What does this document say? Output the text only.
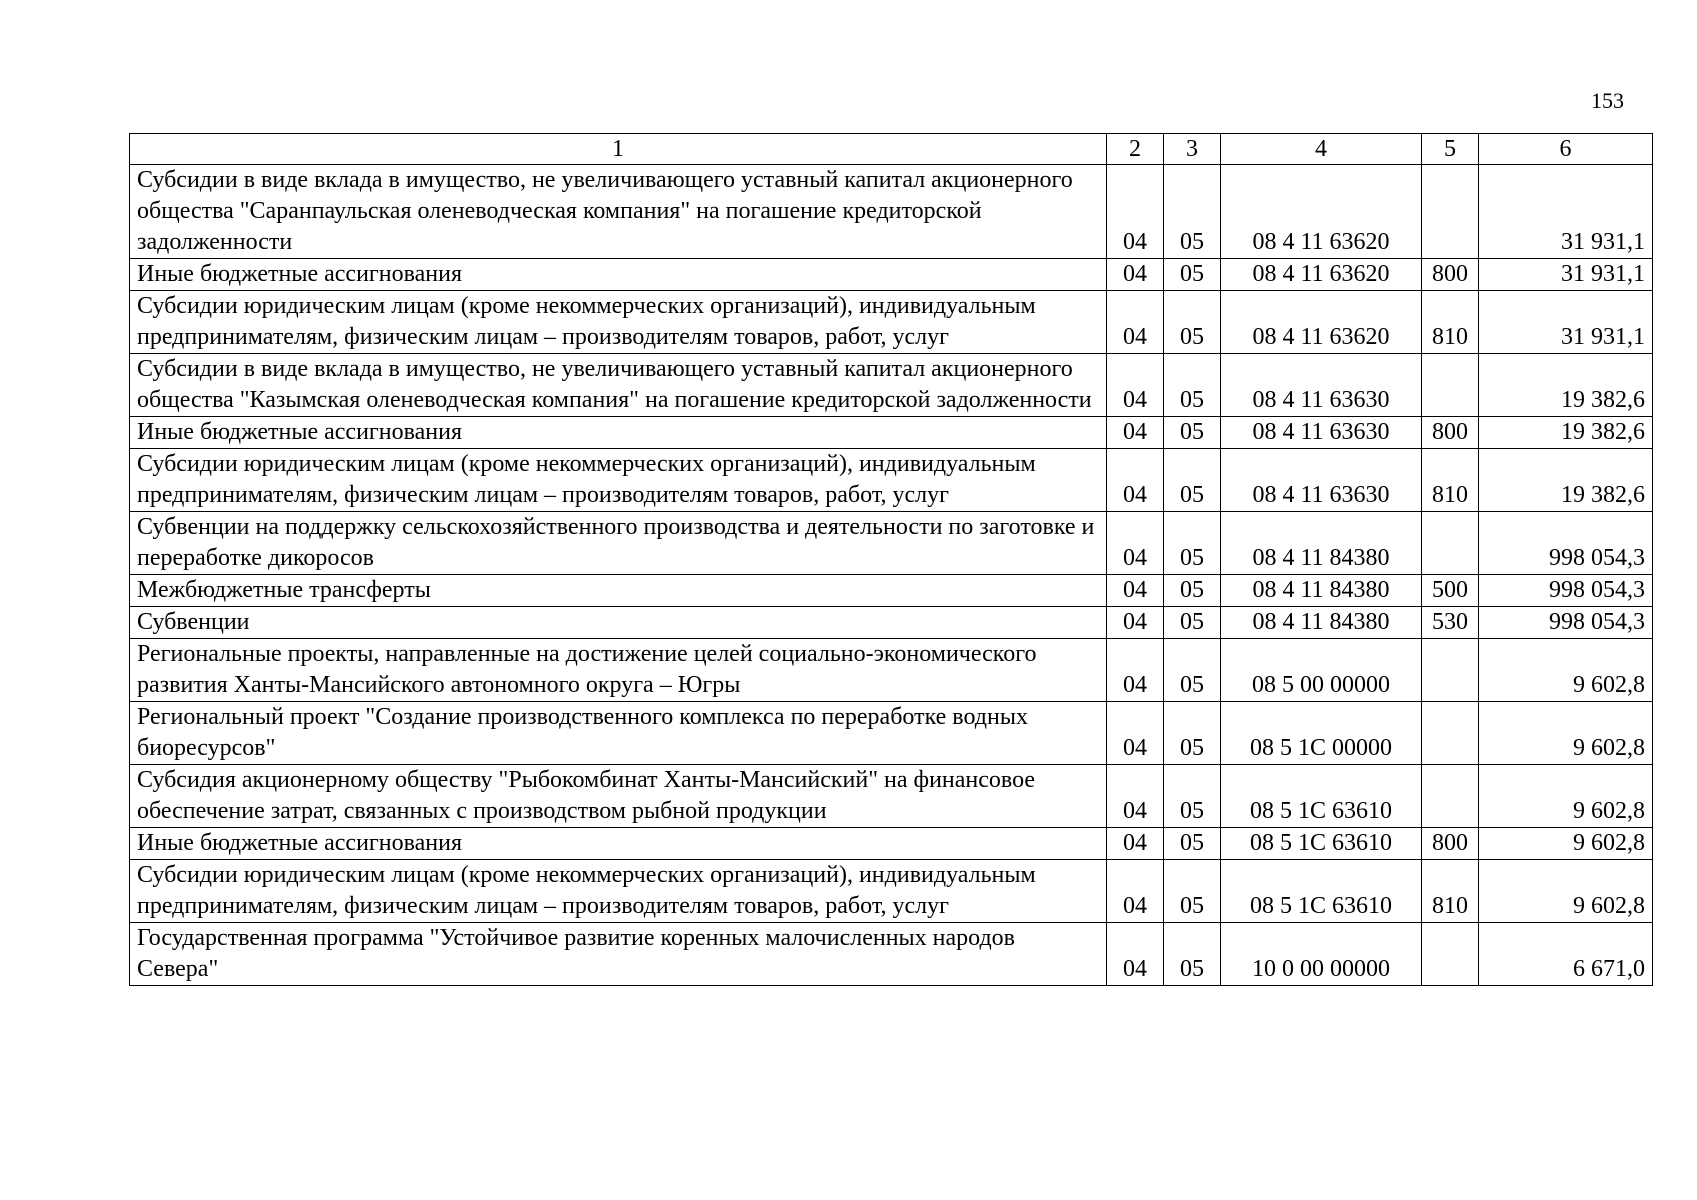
153
1	2	3	4	5	6
Субсидии в виде вклада в имущество, не увеличивающего уставный капитал акционерного общества "Саранпаульская оленеводческая компания" на погашение кредиторской задолженности	04	05	08 4 11 63620		31 931,1
Иные бюджетные ассигнования	04	05	08 4 11 63620	800	31 931,1
Субсидии юридическим лицам (кроме некоммерческих организаций), индивидуальным предпринимателям, физическим лицам – производителям товаров, работ, услуг	04	05	08 4 11 63620	810	31 931,1
Субсидии в виде вклада в имущество, не увеличивающего уставный капитал акционерного общества "Казымская оленеводческая компания" на погашение кредиторской задолженности	04	05	08 4 11 63630		19 382,6
Иные бюджетные ассигнования	04	05	08 4 11 63630	800	19 382,6
Субсидии юридическим лицам (кроме некоммерческих организаций), индивидуальным предпринимателям, физическим лицам – производителям товаров, работ, услуг	04	05	08 4 11 63630	810	19 382,6
Субвенции на поддержку сельскохозяйственного производства и деятельности по заготовке и переработке дикоросов	04	05	08 4 11 84380		998 054,3
Межбюджетные трансферты	04	05	08 4 11 84380	500	998 054,3
Субвенции	04	05	08 4 11 84380	530	998 054,3
Региональные проекты, направленные на достижение целей социально-экономического развития Ханты-Мансийского автономного округа – Югры	04	05	08 5 00 00000		9 602,8
Региональный проект "Создание производственного комплекса по переработке водных биоресурсов"	04	05	08 5 1С 00000		9 602,8
Субсидия акционерному обществу "Рыбокомбинат Ханты-Мансийский" на финансовое обеспечение затрат, связанных с производством рыбной продукции	04	05	08 5 1С 63610		9 602,8
Иные бюджетные ассигнования	04	05	08 5 1С 63610	800	9 602,8
Субсидии юридическим лицам (кроме некоммерческих организаций), индивидуальным предпринимателям, физическим лицам – производителям товаров, работ, услуг	04	05	08 5 1С 63610	810	9 602,8
Государственная программа "Устойчивое развитие коренных малочисленных народов Севера"	04	05	10 0 00 00000		6 671,0
